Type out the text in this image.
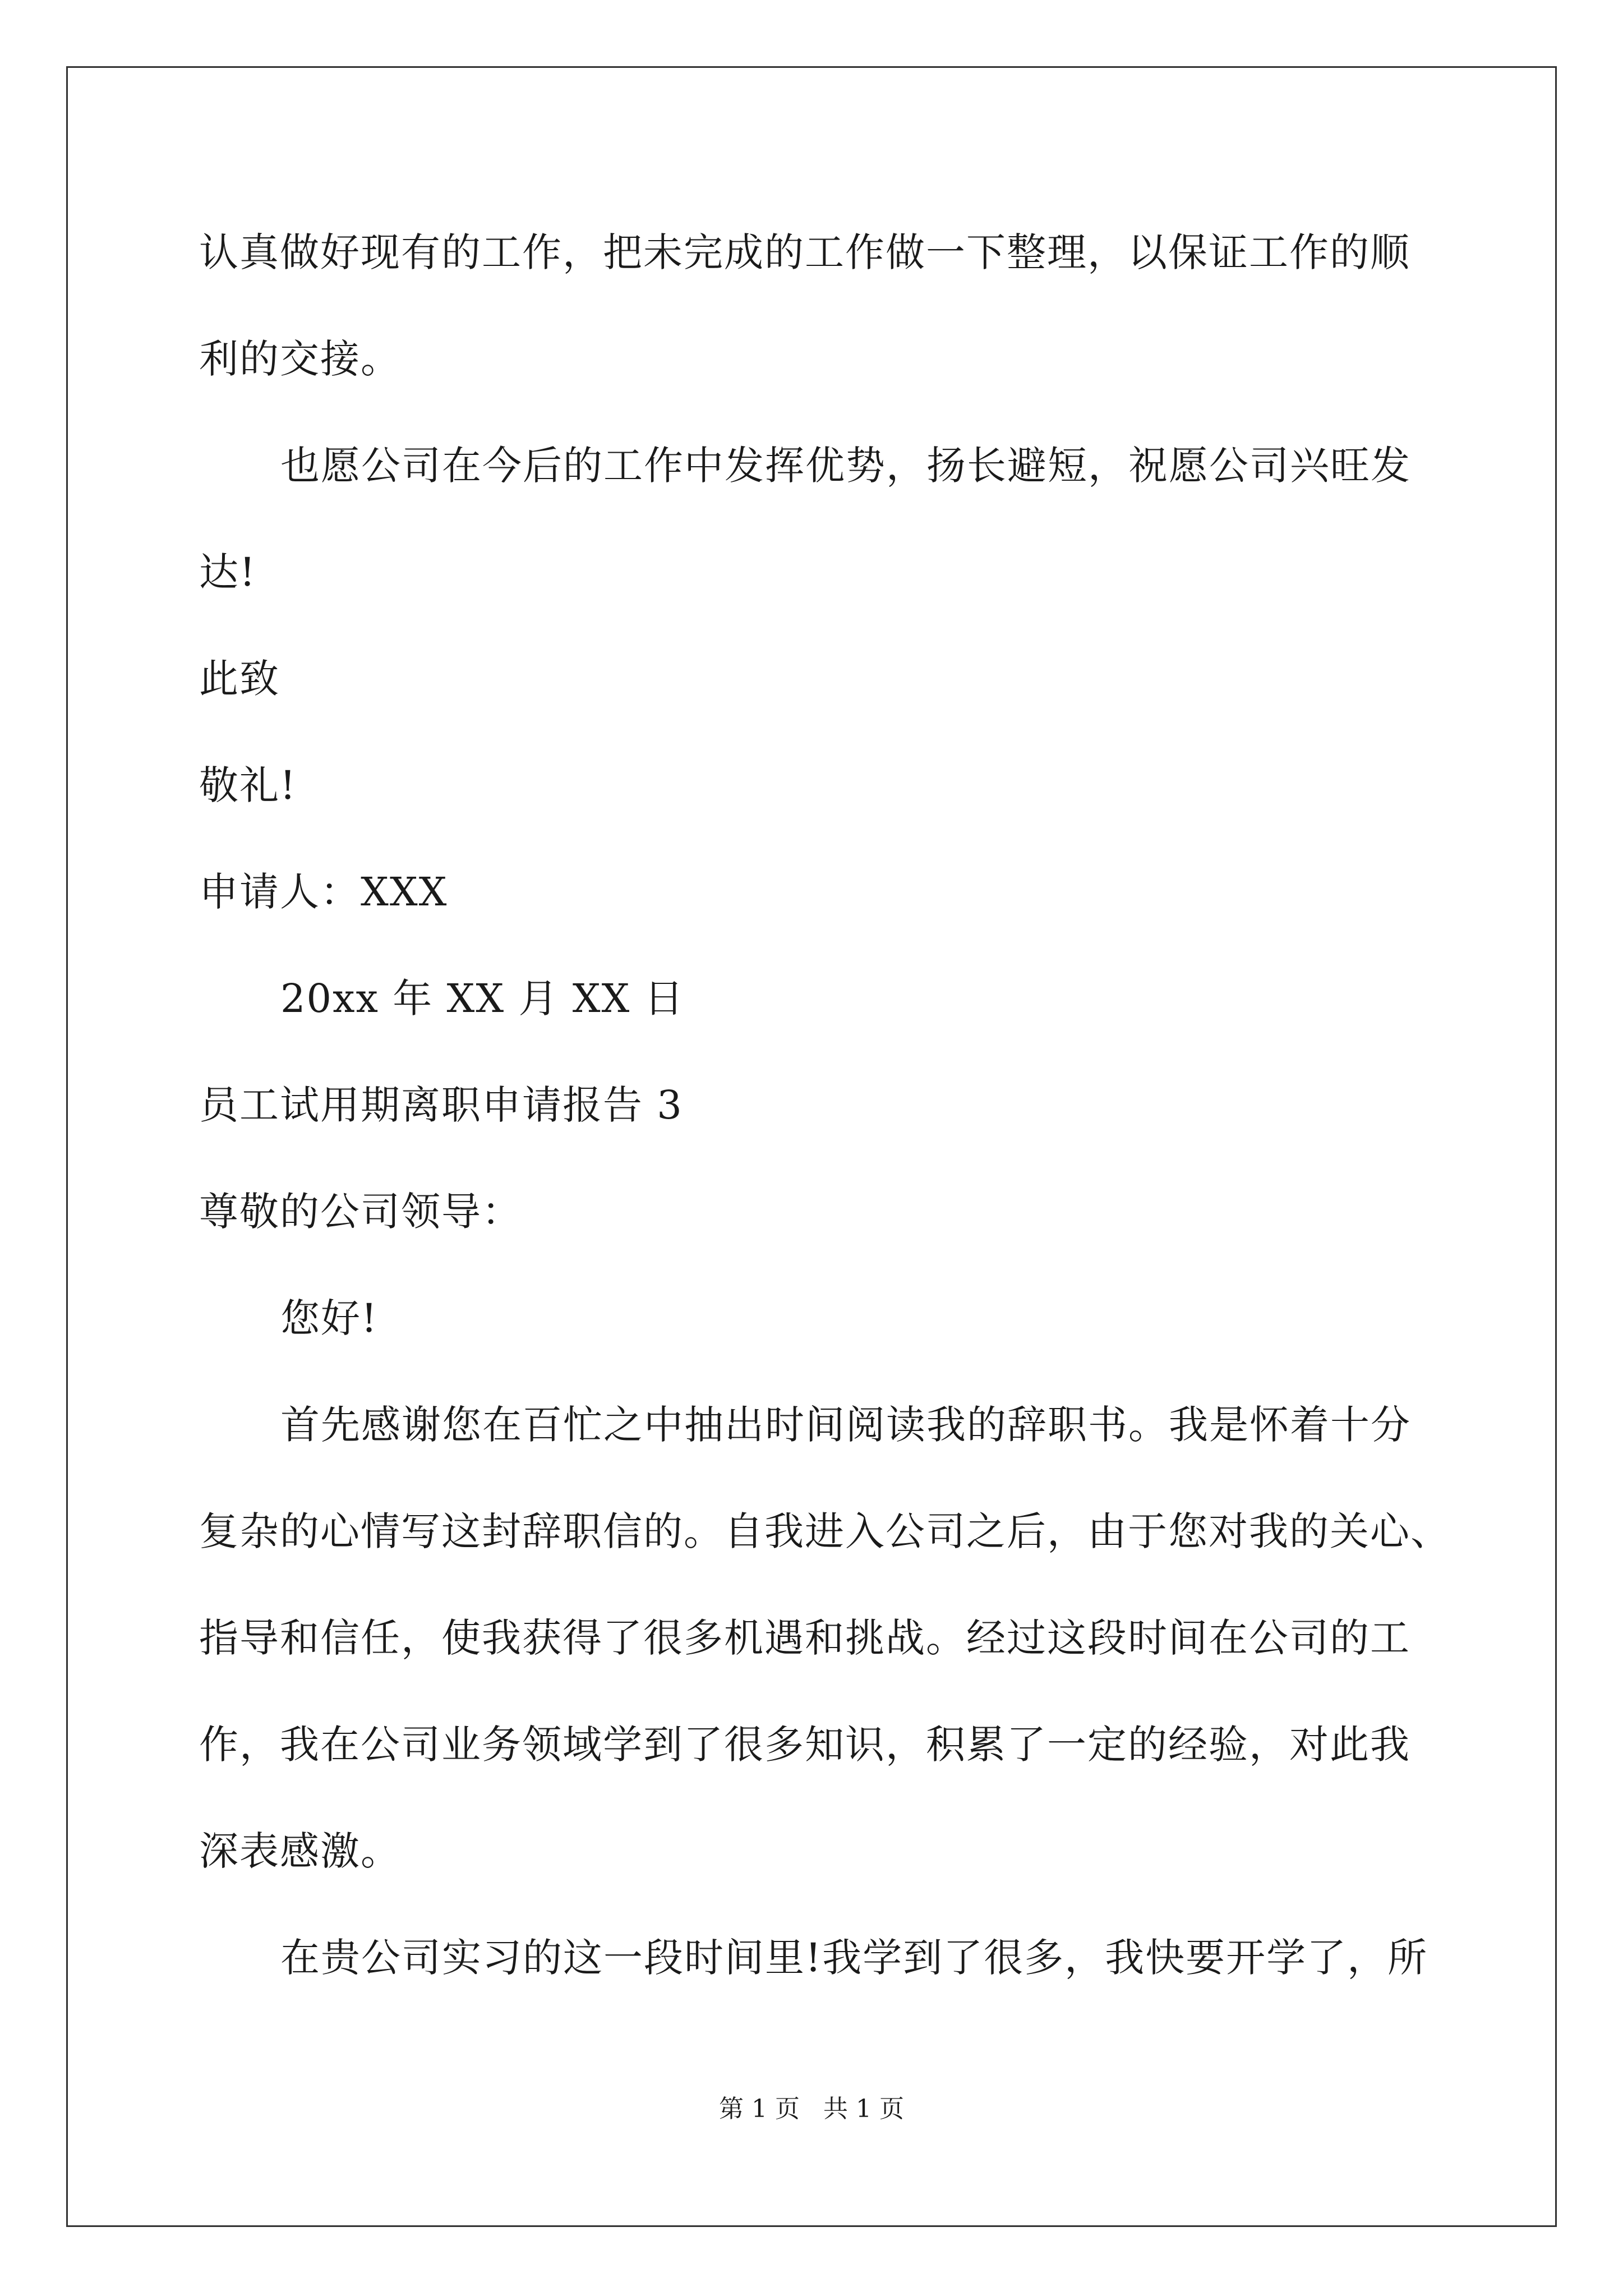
认真做好现有的工作，把未完成的工作做一下整理，以保证工作的顺
利的交接。
也愿公司在今后的工作中发挥优势，扬长避短，祝愿公司兴旺发
达!
此致
敬礼!
申请人：XXX
20xx 年 XX 月 XX 日
员工试用期离职申请报告 3
尊敬的公司领导：
您好!
首先感谢您在百忙之中抽出时间阅读我的辞职书。我是怀着十分
复杂的心情写这封辞职信的。自我进入公司之后，由于您对我的关心、
指导和信任，使我获得了很多机遇和挑战。经过这段时间在公司的工
作，我在公司业务领域学到了很多知识，积累了一定的经验，对此我
深表感激。
在贵公司实习的这一段时间里!我学到了很多，我快要开学了，所
第 1 页   共 1 页
